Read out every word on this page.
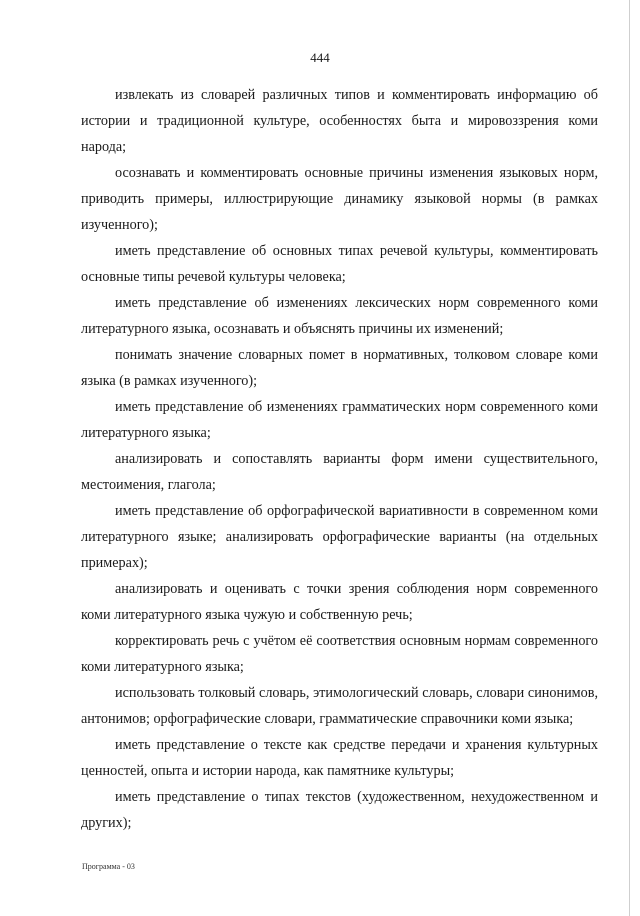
444

извлекать из словарей различных типов и комментировать информацию об истории и традиционной культуре, особенностях быта и мировоззрения коми народа;

осознавать и комментировать основные причины изменения языковых норм, приводить примеры, иллюстрирующие динамику языковой нормы (в рамках изученного);

иметь представление об основных типах речевой культуры, комментировать основные типы речевой культуры человека;

иметь представление об изменениях лексических норм современного коми литературного языка, осознавать и объяснять причины их изменений;

понимать значение словарных помет в нормативных, толковом словаре коми языка (в рамках изученного);

иметь представление об изменениях грамматических норм современного коми литературного языка;

анализировать и сопоставлять варианты форм имени существительного, местоимения, глагола;

иметь представление об орфографической вариативности в современном коми литературного языке; анализировать орфографические варианты (на отдельных примерах);

анализировать и оценивать с точки зрения соблюдения норм современного коми литературного языка чужую и собственную речь;

корректировать речь с учётом её соответствия основным нормам современного коми литературного языка;

использовать толковый словарь, этимологический словарь, словари синонимов, антонимов; орфографические словари, грамматические справочники коми языка;

иметь представление о тексте как средстве передачи и хранения культурных ценностей, опыта и истории народа, как памятнике культуры;

иметь представление о типах текстов (художественном, нехудожественном и других);

Программа - 03
